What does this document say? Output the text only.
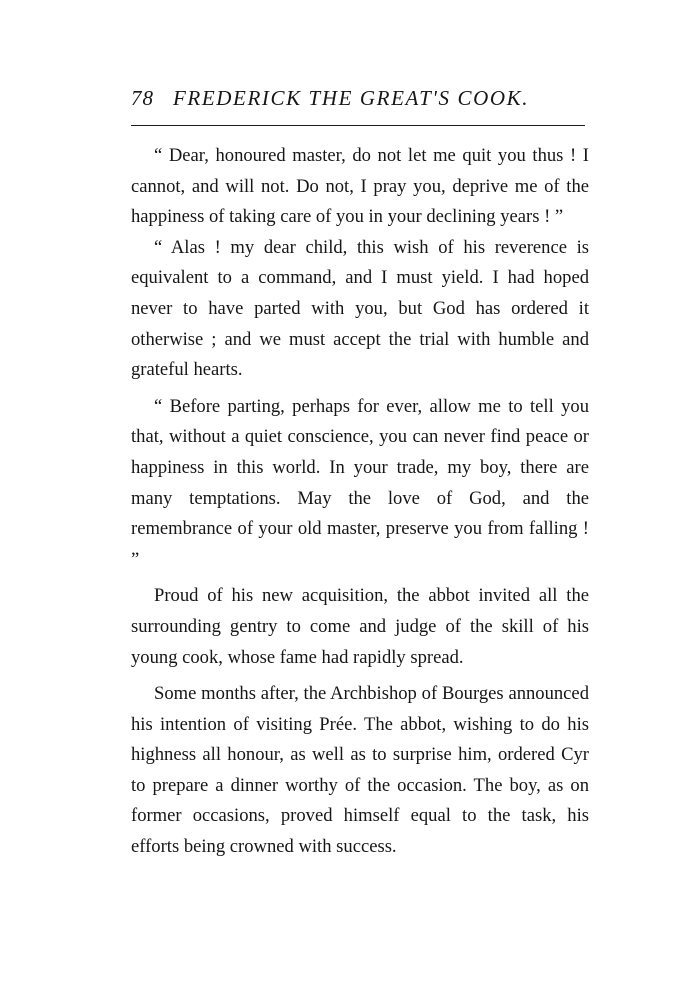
78 FREDERICK THE GREAT'S COOK.

“ Dear, honoured master, do not let me quit you thus ! I cannot, and will not. Do not, I pray you, deprive me of the happiness of taking care of you in your declining years ! ”

“ Alas ! my dear child, this wish of his reverence is equivalent to a command, and I must yield. I had hoped never to have parted with you, but God has ordered it otherwise ; and we must accept the trial with humble and grateful hearts.

“ Before parting, perhaps for ever, allow me to tell you that, without a quiet conscience, you can never find peace or happiness in this world. In your trade, my boy, there are many temptations. May the love of God, and the remembrance of your old master, preserve you from falling ! ”

Proud of his new acquisition, the abbot invited all the surrounding gentry to come and judge of the skill of his young cook, whose fame had rapidly spread.

Some months after, the Archbishop of Bourges announced his intention of visiting Prée. The abbot, wishing to do his highness all honour, as well as to surprise him, ordered Cyr to prepare a dinner worthy of the occasion. The boy, as on former occasions, proved himself equal to the task, his efforts being crowned with success.
